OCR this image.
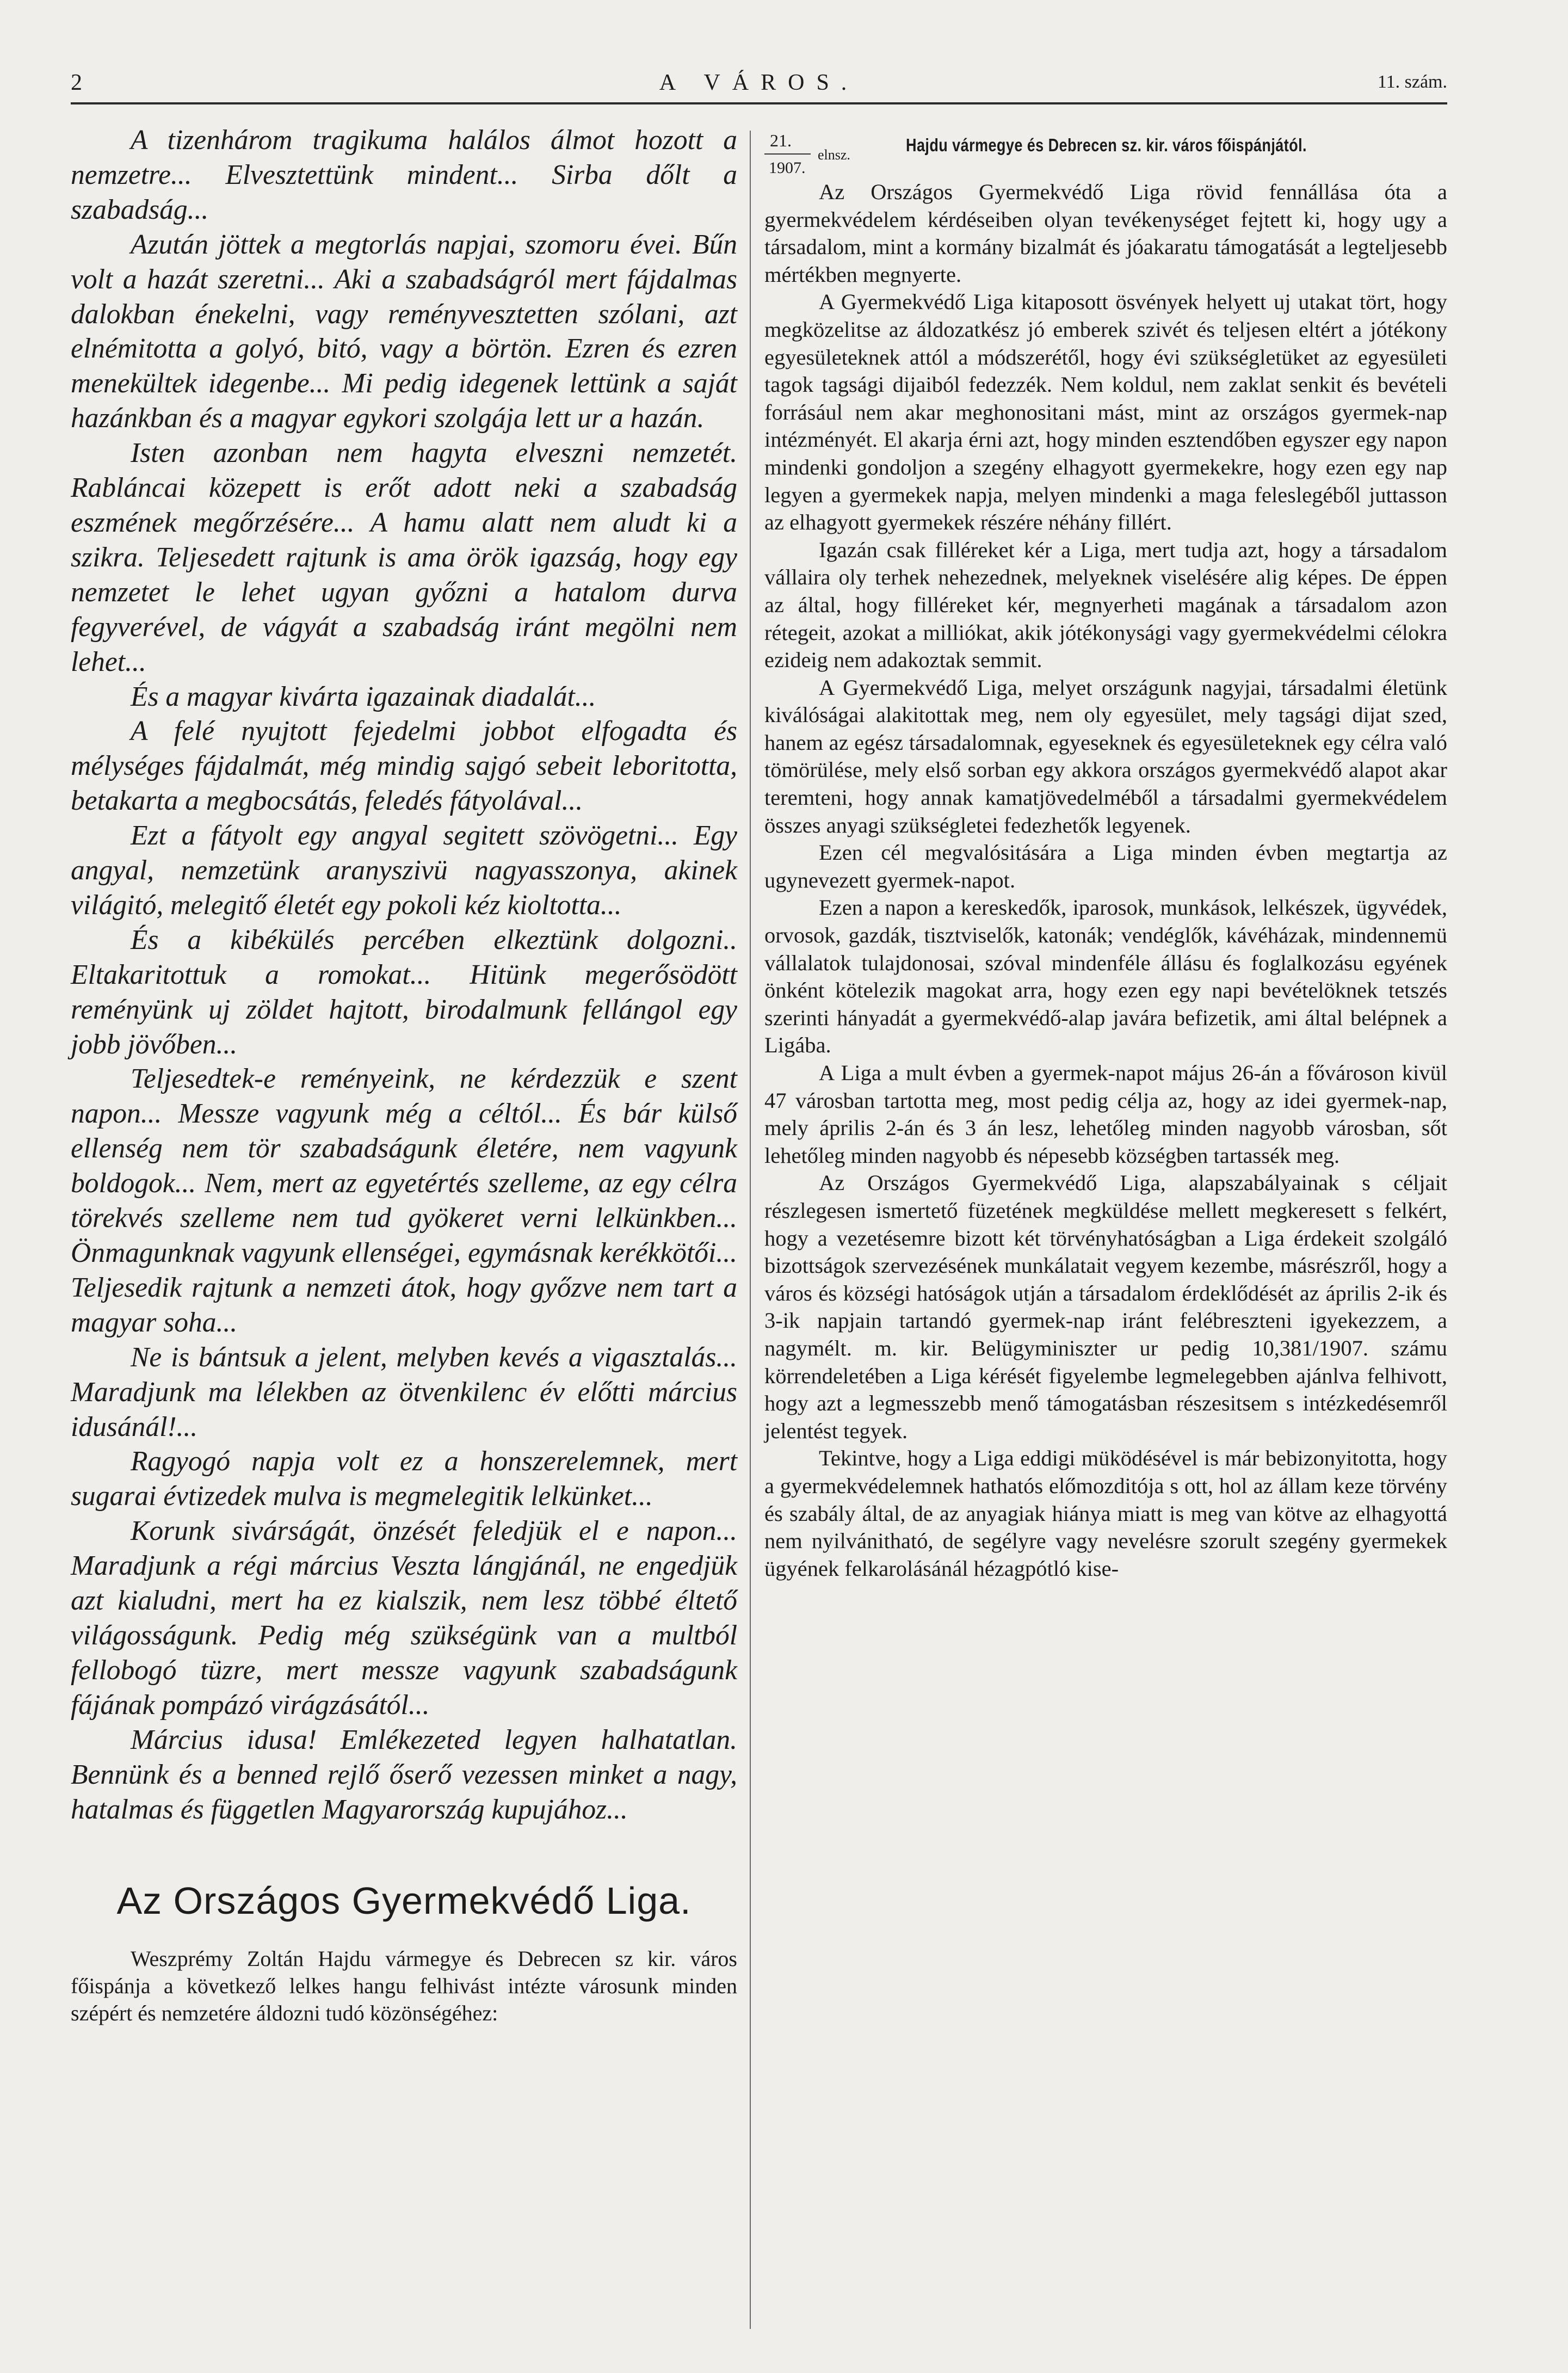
2	A VÁROS.	11. szám.

A tizenhárom tragikuma halálos álmot hozott a nemzetre... Elvesztettünk mindent... Sirba dőlt a szabadság...

Azután jöttek a megtorlás napjai, szomoru évei. Bűn volt a hazát szeretni... Aki a szabadságról mert fájdalmas dalokban énekelni, vagy reményvesztetten szólani, azt elnémitotta a golyó, bitó, vagy a börtön. Ezren és ezren menekültek idegenbe... Mi pedig idegenek lettünk a saját hazánkban és a magyar egykori szolgája lett ur a hazán.

Isten azonban nem hagyta elveszni nemzetét. Rabláncai közepett is erőt adott neki a szabadság eszmének megőrzésére... A hamu alatt nem aludt ki a szikra. Teljesedett rajtunk is ama örök igazság, hogy egy nemzetet le lehet ugyan győzni a hatalom durva fegyverével, de vágyát a szabadság iránt megölni nem lehet...

És a magyar kivárta igazainak diadalát...

A felé nyujtott fejedelmi jobbot elfogadta és mélységes fájdalmát, még mindig sajgó sebeit leboritotta, betakarta a megbocsátás, feledés fátyolával...

Ezt a fátyolt egy angyal segitett szövögetni... Egy angyal, nemzetünk aranyszivü nagyasszonya, akinek világitó, melegitő életét egy pokoli kéz kioltotta...

És a kibékülés percében elkeztünk dolgozni.. Eltakaritottuk a romokat... Hitünk megerősödött reményünk uj zöldet hajtott, birodalmunk fellángol egy jobb jövőben...

Teljesedtek-e reményeink, ne kérdezzük e szent napon... Messze vagyunk még a céltól... És bár külső ellenség nem tör szabadságunk életére, nem vagyunk boldogok... Nem, mert az egyetértés szelleme, az egy célra törekvés szelleme nem tud gyökeret verni lelkünkben... Önmagunknak vagyunk ellenségei, egymásnak kerékkötői... Teljesedik rajtunk a nemzeti átok, hogy győzve nem tart a magyar soha...

Ne is bántsuk a jelent, melyben kevés a vigasztalás... Maradjunk ma lélekben az ötvenkilenc év előtti március idusánál!...

Ragyogó napja volt ez a honszerelemnek, mert sugarai évtizedek mulva is megmelegitik lelkünket...

Korunk sivárságát, önzését feledjük el e napon... Maradjunk a régi március Veszta lángjánál, ne engedjük azt kialudni, mert ha ez kialszik, nem lesz többé éltető világosságunk. Pedig még szükségünk van a multból fellobogó tüzre, mert messze vagyunk szabadságunk fájának pompázó virágzásától...

Március idusa! Emlékezeted legyen halhatatlan. Bennünk és a benned rejlő őserő vezessen minket a nagy, hatalmas és független Magyarország kupujához...

Az Országos Gyermekvédő Liga.

Weszprémy Zoltán Hajdu vármegye és Debrecen sz kir. város főispánja a következő lelkes hangu felhivást intézte városunk minden szépért és nemzetére áldozni tudó közönségéhez:

21.
1907.
elnsz.	Hajdu vármegye és Debrecen sz. kir. város főispánjától.

Az Országos Gyermekvédő Liga rövid fennállása óta a gyermekvédelem kérdéseiben olyan tevékenységet fejtett ki, hogy ugy a társadalom, mint a kormány bizalmát és jóakaratu támogatását a legteljesebb mértékben megnyerte.

A Gyermekvédő Liga kitaposott ösvények helyett uj utakat tört, hogy megközelitse az áldozatkész jó emberek szivét és teljesen eltért a jótékony egyesületeknek attól a módszerétől, hogy évi szükségletüket az egyesületi tagok tagsági dijaiból fedezzék. Nem koldul, nem zaklat senkit és bevételi forrásául nem akar meghonositani mást, mint az országos gyermek-nap intézményét. El akarja érni azt, hogy minden esztendőben egyszer egy napon mindenki gondoljon a szegény elhagyott gyermekekre, hogy ezen egy nap legyen a gyermekek napja, melyen mindenki a maga feleslegéből juttasson az elhagyott gyermekek részére néhány fillért.

Igazán csak filléreket kér a Liga, mert tudja azt, hogy a társadalom vállaira oly terhek nehezednek, melyeknek viselésére alig képes. De éppen az által, hogy filléreket kér, megnyerheti magának a társadalom azon rétegeit, azokat a milliókat, akik jótékonysági vagy gyermekvédelmi célokra ezideig nem adakoztak semmit.

A Gyermekvédő Liga, melyet országunk nagyjai, társadalmi életünk kiválóságai alakitottak meg, nem oly egyesület, mely tagsági dijat szed, hanem az egész társadalomnak, egyeseknek és egyesületeknek egy célra való tömörülése, mely első sorban egy akkora országos gyermekvédő alapot akar teremteni, hogy annak kamatjövedelméből a társadalmi gyermekvédelem összes anyagi szükségletei fedezhetők legyenek.

Ezen cél megvalósitására a Liga minden évben megtartja az ugynevezett gyermek-napot.

Ezen a napon a kereskedők, iparosok, munkások, lelkészek, ügyvédek, orvosok, gazdák, tisztviselők, katonák; vendéglők, kávéházak, mindennemü vállalatok tulajdonosai, szóval mindenféle állásu és foglalkozásu egyének önként kötelezik magokat arra, hogy ezen egy napi bevételöknek tetszés szerinti hányadát a gyermekvédő-alap javára befizetik, ami által belépnek a Ligába.

A Liga a mult évben a gyermek-napot május 26-án a fővároson kivül 47 városban tartotta meg, most pedig célja az, hogy az idei gyermek-nap, mely április 2-án és 3 án lesz, lehetőleg minden nagyobb városban, sőt lehetőleg minden nagyobb és népesebb községben tartassék meg.

Az Országos Gyermekvédő Liga, alapszabályainak s céljait részlegesen ismertető füzetének megküldése mellett megkeresett s felkért, hogy a vezetésemre bizott két törvényhatóságban a Liga érdekeit szolgáló bizottságok szervezésének munkálatait vegyem kezembe, másrészről, hogy a város és községi hatóságok utján a társadalom érdeklődését az április 2-ik és 3-ik napjain tartandó gyermek-nap iránt felébreszteni igyekezzem, a nagymélt. m. kir. Belügyminiszter ur pedig 10,381/1907. számu körrendeletében a Liga kérését figyelembe legmelegebben ajánlva felhivott, hogy azt a legmesszebb menő támogatásban részesitsem s intézkedésemről jelentést tegyek.

Tekintve, hogy a Liga eddigi müködésével is már bebizonyitotta, hogy a gyermekvédelemnek hathatós előmozditója s ott, hol az állam keze törvény és szabály által, de az anyagiak hiánya miatt is meg van kötve az elhagyottá nem nyilvánitható, de segélyre vagy nevelésre szorult szegény gyermekek ügyének felkarolásánál hézagpótló kise-
